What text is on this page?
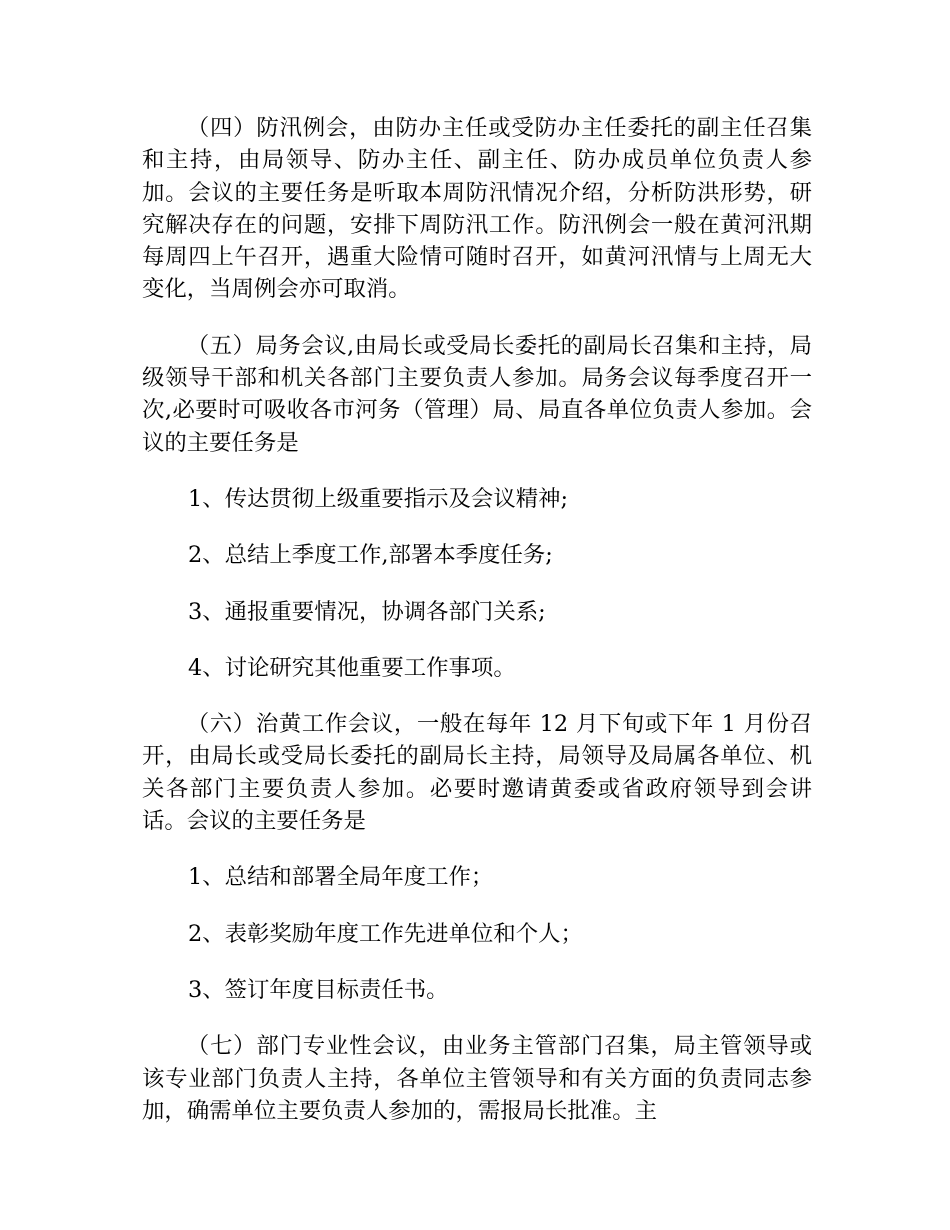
（四）防汛例会，由防办主任或受防办主任委托的副主任召集和主持，由局领导、防办主任、副主任、防办成员单位负责人参加。会议的主要任务是听取本周防汛情况介绍，分析防洪形势，研究解决存在的问题，安排下周防汛工作。防汛例会一般在黄河汛期每周四上午召开，遇重大险情可随时召开，如黄河汛情与上周无大变化，当周例会亦可取消。

（五）局务会议,由局长或受局长委托的副局长召集和主持，局级领导干部和机关各部门主要负责人参加。局务会议每季度召开一次,必要时可吸收各市河务（管理）局、局直各单位负责人参加。会议的主要任务是

1、传达贯彻上级重要指示及会议精神;

2、总结上季度工作,部署本季度任务;

3、通报重要情况，协调各部门关系;

4、讨论研究其他重要工作事项。

（六）治黄工作会议，一般在每年 12 月下旬或下年 1 月份召开，由局长或受局长委托的副局长主持，局领导及局属各单位、机关各部门主要负责人参加。必要时邀请黄委或省政府领导到会讲话。会议的主要任务是

1、总结和部署全局年度工作；

2、表彰奖励年度工作先进单位和个人；

3、签订年度目标责任书。

（七）部门专业性会议，由业务主管部门召集，局主管领导或该专业部门负责人主持，各单位主管领导和有关方面的负责同志参加，确需单位主要负责人参加的，需报局长批准。主
